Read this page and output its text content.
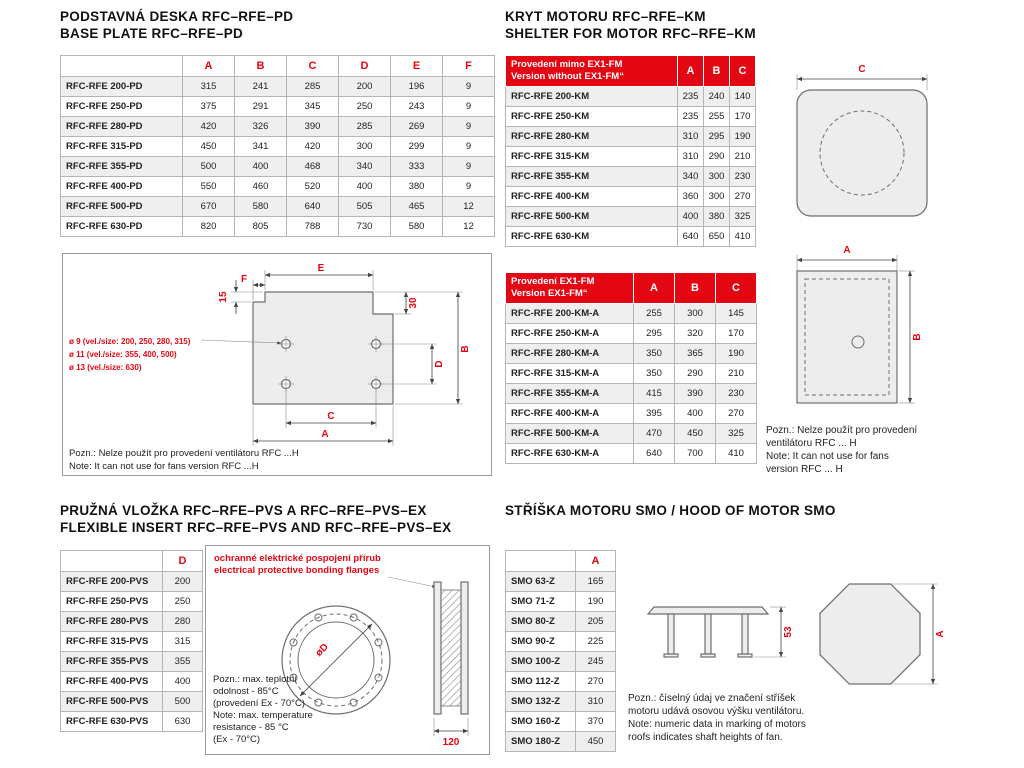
PODSTAVNÁ DESKA RFC–RFE–PD
BASE PLATE RFC–RFE–PD
	A	B	C	D	E	F
RFC-RFE 200-PD	315	241	285	200	196	9
RFC-RFE 250-PD	375	291	345	250	243	9
RFC-RFE 280-PD	420	326	390	285	269	9
RFC-RFE 315-PD	450	341	420	300	299	9
RFC-RFE 355-PD	500	400	468	340	333	9
RFC-RFE 400-PD	550	460	520	400	380	9
RFC-RFE 500-PD	670	580	640	505	465	12
RFC-RFE 630-PD	820	805	788	730	580	12
E
F
15
30
D
B
C
A
ø 9 (vel./size: 200, 250, 280, 315)
ø 11 (vel./size: 355, 400, 500)
ø 13 (vel./size: 630)
Pozn.: Nelze použít pro provedení ventilátoru RFC ...H
Note: It can not use for fans version RFC ...H
KRYT MOTORU RFC–RFE–KM
SHELTER FOR MOTOR RFC–RFE–KM
Provedení mimo EX1-FM
Version without EX1-FM“	A	B	C
RFC-RFE 200-KM	235	240	140
RFC-RFE 250-KM	235	255	170
RFC-RFE 280-KM	310	295	190
RFC-RFE 315-KM	310	290	210
RFC-RFE 355-KM	340	300	230
RFC-RFE 400-KM	360	300	270
RFC-RFE 500-KM	400	380	325
RFC-RFE 630-KM	640	650	410
Provedení EX1-FM
Version EX1-FM“	A	B	C
RFC-RFE 200-KM-A	255	300	145
RFC-RFE 250-KM-A	295	320	170
RFC-RFE 280-KM-A	350	365	190
RFC-RFE 315-KM-A	350	290	210
RFC-RFE 355-KM-A	415	390	230
RFC-RFE 400-KM-A	395	400	270
RFC-RFE 500-KM-A	470	450	325
RFC-RFE 630-KM-A	640	700	410
C
A
B
Pozn.: Nelze použít pro provedení
ventilátoru RFC ... H
Note: It can not use for fans
version RFC ... H
PRUŽNÁ VLOŽKA RFC–RFE–PVS A RFC–RFE–PVS–EX
FLEXIBLE INSERT RFC–RFE–PVS AND RFC–RFE–PVS–EX
	D
RFC-RFE 200-PVS	200
RFC-RFE 250-PVS	250
RFC-RFE 280-PVS	280
RFC-RFE 315-PVS	315
RFC-RFE 355-PVS	355
RFC-RFE 400-PVS	400
RFC-RFE 500-PVS	500
RFC-RFE 630-PVS	630
ochranné elektrické pospojení přírub
electrical protective bonding flanges
øD
120
Pozn.: max. teplotní
odolnost - 85°C
(provedení Ex - 70°C)
Note: max. temperature
resistance - 85 °C
(Ex - 70°C)
STŘÍŠKA MOTORU SMO / HOOD OF MOTOR SMO
	A
SMO 63-Z	165
SMO 71-Z	190
SMO 80-Z	205
SMO 90-Z	225
SMO 100-Z	245
SMO 112-Z	270
SMO 132-Z	310
SMO 160-Z	370
SMO 180-Z	450
53	A
Pozn.: číselný údaj ve značení stříšek
motoru udává osovou výšku ventilátoru.
Note: numeric data in marking of motors
roofs indicates shaft heights of fan.
